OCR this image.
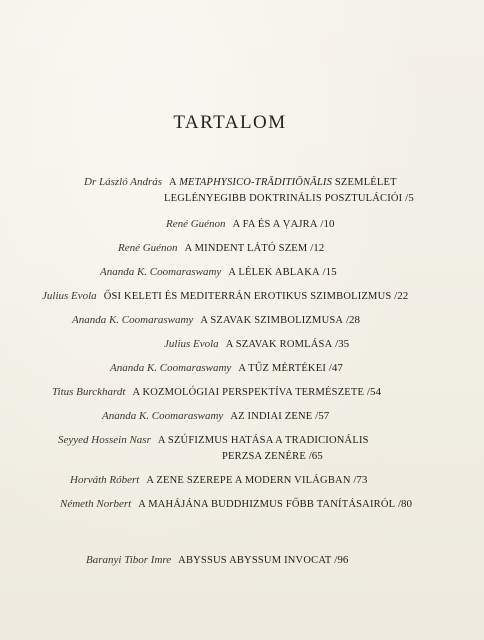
TARTALOM
Dr László András A METAPHYSICO-TRĀDITIŌNĀLIS SZEMLÉLET
LEGLÉNYEGIBB DOKTRINÁLIS POSZTULÁCIÓI /5
René Guénon A FA ÉS A ṾAJRA /10
René Guénon A MINDENT LÁTÓ SZEM /12
Ananda K. Coomaraswamy A LÉLEK ABLAKA /15
Julius Evola ŐSI KELETI ÉS MEDITERRÁN EROTIKUS SZIMBOLIZMUS /22
Ananda K. Coomaraswamy A SZAVAK SZIMBOLIZMUSA /28
Julius Evola A SZAVAK ROMLÁSA /35
Ananda K. Coomaraswamy A TŰZ MÉRTÉKEI /47
Titus Burckhardt A KOZMOLÓGIAI PERSPEKTÍVA TERMÉSZETE /54
Ananda K. Coomaraswamy AZ INDIAI ZENE /57
Seyyed Hossein Nasr A SZÚFIZMUS HATÁSA A TRADICIONÁLIS
PERZSA ZENÉRE /65
Horváth Róbert A ZENE SZEREPE A MODERN VILÁGBAN /73
Németh Norbert A MAHÁJÁNA BUDDHIZMUS FŐBB TANÍTÁSAIRÓL /80
Baranyi Tibor Imre ABYSSUS ABYSSUM INVOCAT /96
